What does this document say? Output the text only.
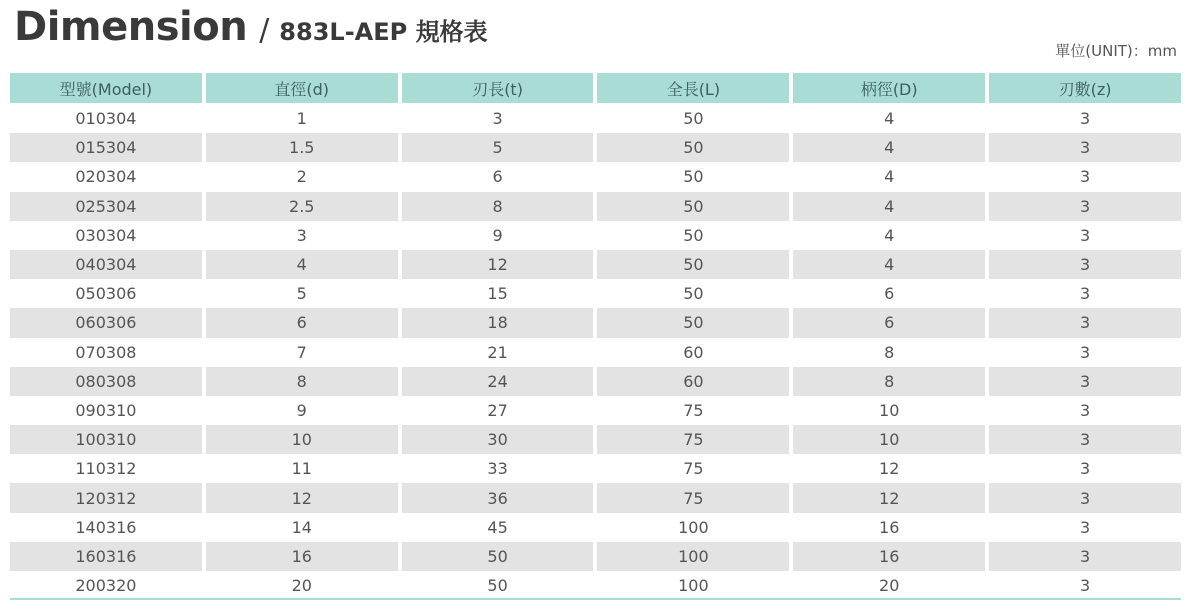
Dimension / 883L-AEP 規格表
單位(UNIT)：mm
型號(Model)	直徑(d)	刃長(t)	全長(L)	柄徑(D)	刃數(z)
010304	1	3	50	4	3
015304	1.5	5	50	4	3
020304	2	6	50	4	3
025304	2.5	8	50	4	3
030304	3	9	50	4	3
040304	4	12	50	4	3
050306	5	15	50	6	3
060306	6	18	50	6	3
070308	7	21	60	8	3
080308	8	24	60	8	3
090310	9	27	75	10	3
100310	10	30	75	10	3
110312	11	33	75	12	3
120312	12	36	75	12	3
140316	14	45	100	16	3
160316	16	50	100	16	3
200320	20	50	100	20	3
